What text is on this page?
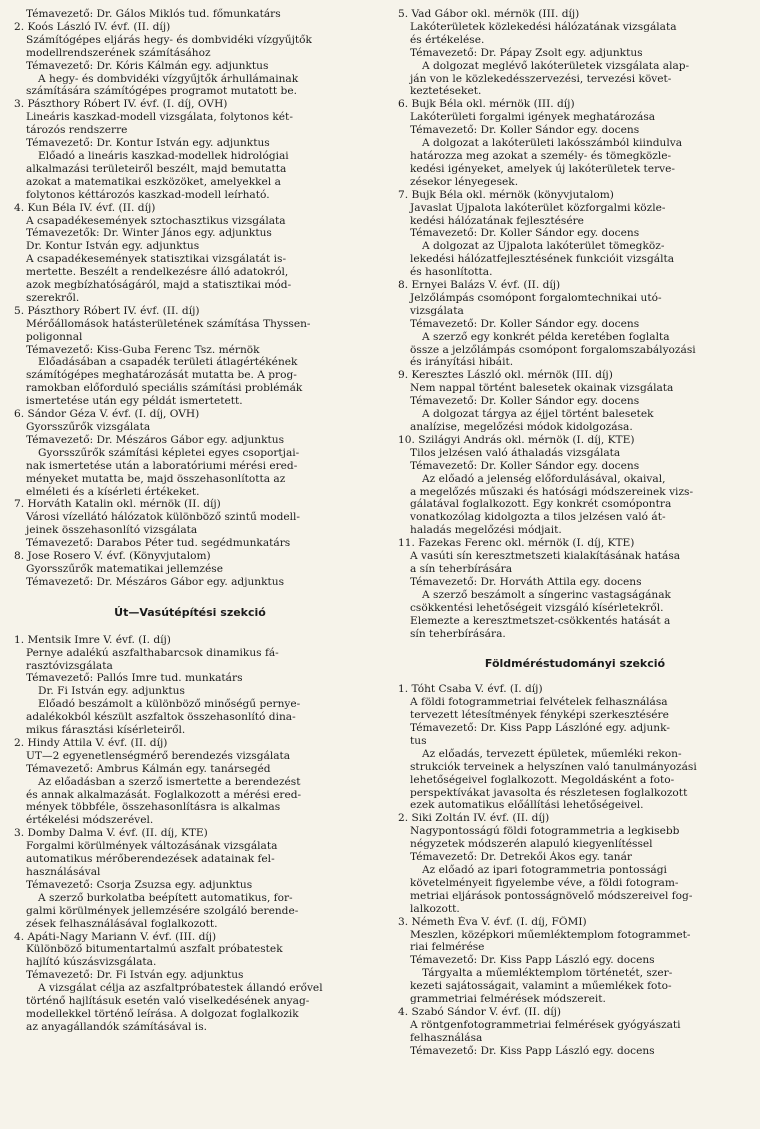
Témavezető: Dr. Gálos Miklós tud. főmunkatárs
2. Koós László IV. évf. (II. díj)
Számítógépes eljárás hegy- és dombvidéki vízgyűjtők
modellrendszerének számításához
Témavezető: Dr. Kóris Kálmán egy. adjunktus
A hegy- és dombvidéki vízgyűjtők árhullámainak
számítására számítógépes programot mutatott be.
3. Pászthory Róbert IV. évf. (I. díj, OVH)
Lineáris kaszkad-modell vizsgálata, folytonos két-
tározós rendszerre
Témavezető: Dr. Kontur István egy. adjunktus
Előadó a lineáris kaszkad-modellek hidrológiai
alkalmazási területeiről beszélt, majd bemutatta
azokat a matematikai eszközöket, amelyekkel a
folytonos kéttározós kaszkad-modell leírható.
4. Kun Béla IV. évf. (II. díj)
A csapadékesemények sztochasztikus vizsgálata
Témavezetők: Dr. Winter János egy. adjunktus
Dr. Kontur István egy. adjunktus
A csapadékesemények statisztikai vizsgálatát is-
mertette. Beszélt a rendelkezésre álló adatokról,
azok megbízhatóságáról, majd a statisztikai mód-
szerekről.
5. Pászthory Róbert IV. évf. (II. díj)
Mérőállomások hatásterületének számítása Thyssen-
poligonnal
Témavezető: Kiss-Guba Ferenc Tsz. mérnök
Előadásában a csapadék területi átlagértékének
számítógépes meghatározását mutatta be. A prog-
ramokban előforduló speciális számítási problémák
ismertetése után egy példát ismertetett.
6. Sándor Géza V. évf. (I. díj, OVH)
Gyorsszűrők vizsgálata
Témavezető: Dr. Mészáros Gábor egy. adjunktus
Gyorsszűrők számítási képletei egyes csoportjai-
nak ismertetése után a laboratóriumi mérési ered-
ményeket mutatta be, majd összehasonlította az
elméleti és a kísérleti értékeket.
7. Horváth Katalin okl. mérnök (II. díj)
Városi vízellátó hálózatok különböző szintű modell-
jeinek összehasonlító vizsgálata
Témavezető: Darabos Péter tud. segédmunkatárs
8. Jose Rosero V. évf. (Könyvjutalom)
Gyorsszűrők matematikai jellemzése
Témavezető: Dr. Mészáros Gábor egy. adjunktus
Út—Vasútépítési szekció
1. Mentsik Imre V. évf. (I. díj)
Pernye adalékú aszfalthabarcsok dinamikus fá-
rasztóvizsgálata
Témavezető: Pallós Imre tud. munkatárs
Dr. Fi István egy. adjunktus
Előadó beszámolt a különböző minőségű pernye-
adalékokból készült aszfaltok összehasonlító dina-
mikus fárasztási kísérleteiről.
2. Hindy Attila V. évf. (II. díj)
UT—2 egyenetlenségmérő berendezés vizsgálata
Témavezető: Ambrus Kálmán egy. tanársegéd
Az előadásban a szerző ismertette a berendezést
és annak alkalmazását. Foglalkozott a mérési ered-
mények többféle, összehasonlításra is alkalmas
értékelési módszerével.
3. Domby Dalma V. évf. (II. díj, KTE)
Forgalmi körülmények változásának vizsgálata
automatikus mérőberendezések adatainak fel-
használásával
Témavezető: Csorja Zsuzsa egy. adjunktus
A szerző burkolatba beépített automatikus, for-
galmi körülmények jellemzésére szolgáló berende-
zések felhasználásával foglalkozott.
4. Apáti-Nagy Mariann V. évf. (III. díj)
Különböző bitumentartalmú aszfalt próbatestek
hajlító kúszásvizsgálata.
Témavezető: Dr. Fi István egy. adjunktus
A vizsgálat célja az aszfaltpróbatestek állandó erővel
történő hajlításuk esetén való viselkedésének anyag-
modellekkel történő leírása. A dolgozat foglalkozik
az anyagállandók számításával is.
5. Vad Gábor okl. mérnök (III. díj)
Lakóterületek közlekedési hálózatának vizsgálata
és értékelése.
Témavezető: Dr. Pápay Zsolt egy. adjunktus
A dolgozat meglévő lakóterületek vizsgálata alap-
ján von le közlekedésszervezési, tervezési követ-
keztetéseket.
6. Bujk Béla okl. mérnök (III. díj)
Lakóterületi forgalmi igények meghatározása
Témavezető: Dr. Koller Sándor egy. docens
A dolgozat a lakóterületi lakósszámból kiindulva
határozza meg azokat a személy- és tömegközle-
kedési igényeket, amelyek új lakóterületek terve-
zésekor lényegesek.
7. Bujk Béla okl. mérnök (könyvjutalom)
Javaslat Újpalota lakóterület közforgalmi közle-
kedési hálózatának fejlesztésére
Témavezető: Dr. Koller Sándor egy. docens
A dolgozat az Újpalota lakóterület tömegköz-
lekedési hálózatfejlesztésének funkcióit vizsgálta
és hasonlította.
8. Ernyei Balázs V. évf. (II. díj)
Jelzőlámpás csomópont forgalomtechnikai utó-
vizsgálata
Témavezető: Dr. Koller Sándor egy. docens
A szerző egy konkrét példa keretében foglalta
össze a jelzőlámpás csomópont forgalomszabályozási
és irányítási hibáit.
9. Keresztes László okl. mérnök (III. díj)
Nem nappal történt balesetek okainak vizsgálata
Témavezető: Dr. Koller Sándor egy. docens
A dolgozat tárgya az éjjel történt balesetek
analízise, megelőzési módok kidolgozása.
10. Szilágyi András okl. mérnök (I. díj, KTE)
Tilos jelzésen való áthaladás vizsgálata
Témavezető: Dr. Koller Sándor egy. docens
Az előadó a jelenség előfordulásával, okaival,
a megelőzés műszaki és hatósági módszereinek vizs-
gálatával foglalkozott. Egy konkrét csomópontra
vonatkozólag kidolgozta a tilos jelzésen való át-
haladás megelőzési módjait.
11. Fazekas Ferenc okl. mérnök (I. díj, KTE)
A vasúti sín keresztmetszeti kialakításának hatása
a sín teherbírására
Témavezető: Dr. Horváth Attila egy. docens
A szerző beszámolt a síngerinc vastagságának
csökkentési lehetőségeit vizsgáló kísérletekről.
Elemezte a keresztmetszet-csökkentés hatását a
sín teherbírására.
Földméréstudományi szekció
1. Tóht Csaba V. évf. (I. díj)
A földi fotogrammetriai felvételek felhasználása
tervezett létesítmények fényképi szerkesztésére
Témavezető: Dr. Kiss Papp Lászlóné egy. adjunk-
tus
Az előadás, tervezett épületek, műemléki rekon-
strukciók terveinek a helyszínen való tanulmányozási
lehetőségeivel foglalkozott. Megoldásként a foto-
perspektívákat javasolta és részletesen foglalkozott
ezek automatikus előállítási lehetőségeivel.
2. Siki Zoltán IV. évf. (II. díj)
Nagypontosságú földi fotogrammetria a legkisebb
négyzetek módszerén alapuló kiegyenlítéssel
Témavezető: Dr. Detrekői Ákos egy. tanár
Az előadó az ipari fotogrammetria pontossági
követelményeit figyelembe véve, a földi fotogram-
metriai eljárások pontosságnövelő módszereivel fog-
lalkozott.
3. Németh Éva V. évf. (I. díj, FÖMI)
Meszlen, középkori műemléktemplom fotogrammet-
riai felmérése
Témavezető: Dr. Kiss Papp László egy. docens
Tárgyalta a műemléktemplom történetét, szer-
kezeti sajátosságait, valamint a műemlékek foto-
grammetriai felmérések módszereit.
4. Szabó Sándor V. évf. (II. díj)
A röntgenfotogrammetriai felmérések gyógyászati
felhasználása
Témavezető: Dr. Kiss Papp László egy. docens
